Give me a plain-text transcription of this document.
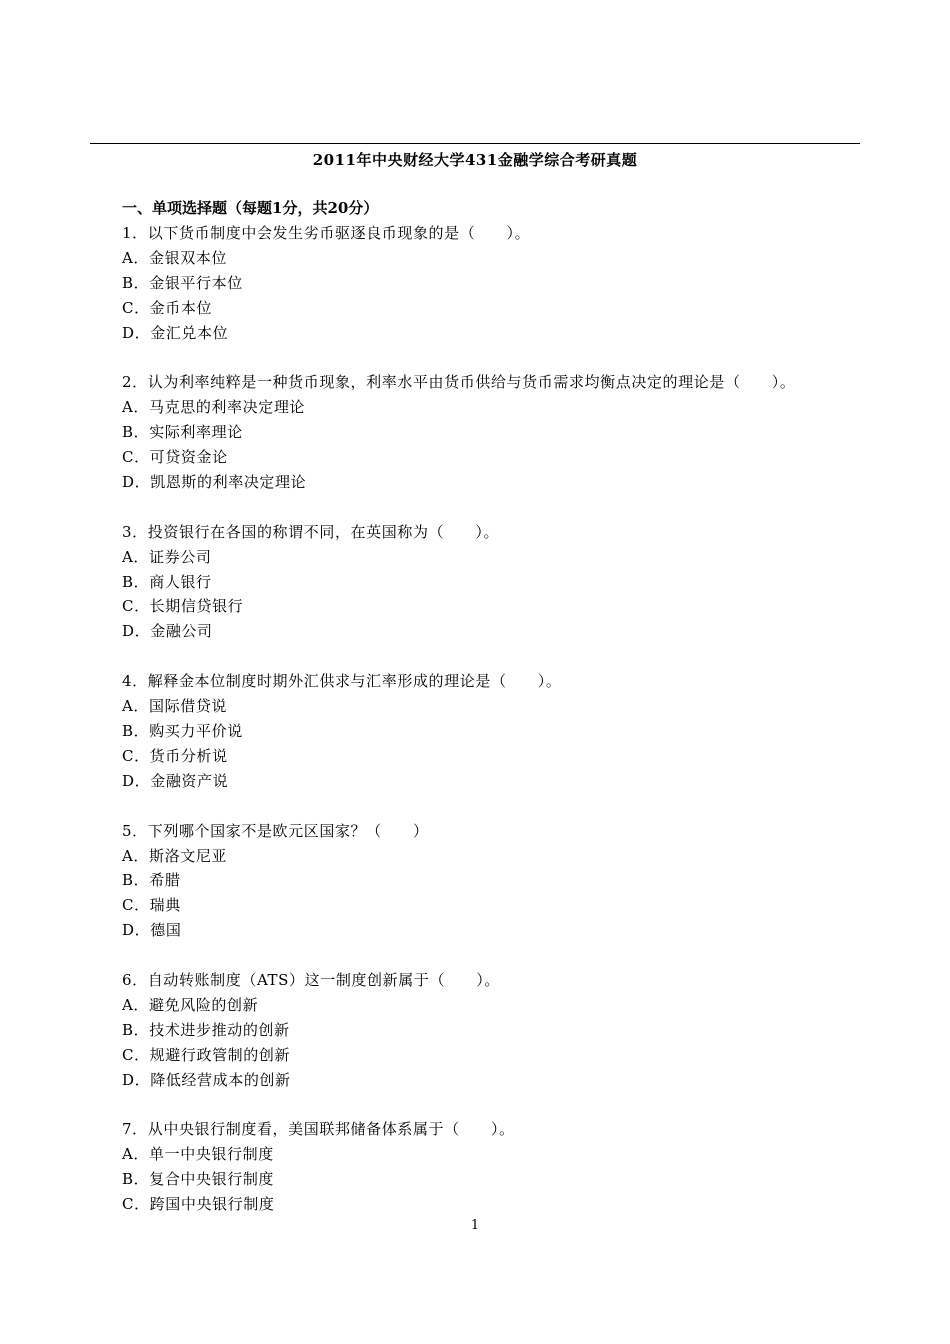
2011年中央财经大学431金融学综合考研真题
一、单项选择题（每题1分，共20分）
1．以下货币制度中会发生劣币驱逐良币现象的是（　　）。
A．金银双本位
B．金银平行本位
C．金币本位
D．金汇兑本位
2．认为利率纯粹是一种货币现象，利率水平由货币供给与货币需求均衡点决定的理论是（　　）。
A．马克思的利率决定理论
B．实际利率理论
C．可贷资金论
D．凯恩斯的利率决定理论
3．投资银行在各国的称谓不同，在英国称为（　　）。
A．证券公司
B．商人银行
C．长期信贷银行
D．金融公司
4．解释金本位制度时期外汇供求与汇率形成的理论是（　　）。
A．国际借贷说
B．购买力平价说
C．货币分析说
D．金融资产说
5．下列哪个国家不是欧元区国家？（　　）
A．斯洛文尼亚
B．希腊
C．瑞典
D．德国
6．自动转账制度（ATS）这一制度创新属于（　　）。
A．避免风险的创新
B．技术进步推动的创新
C．规避行政管制的创新
D．降低经营成本的创新
7．从中央银行制度看，美国联邦储备体系属于（　　）。
A．单一中央银行制度
B．复合中央银行制度
C．跨国中央银行制度
1
